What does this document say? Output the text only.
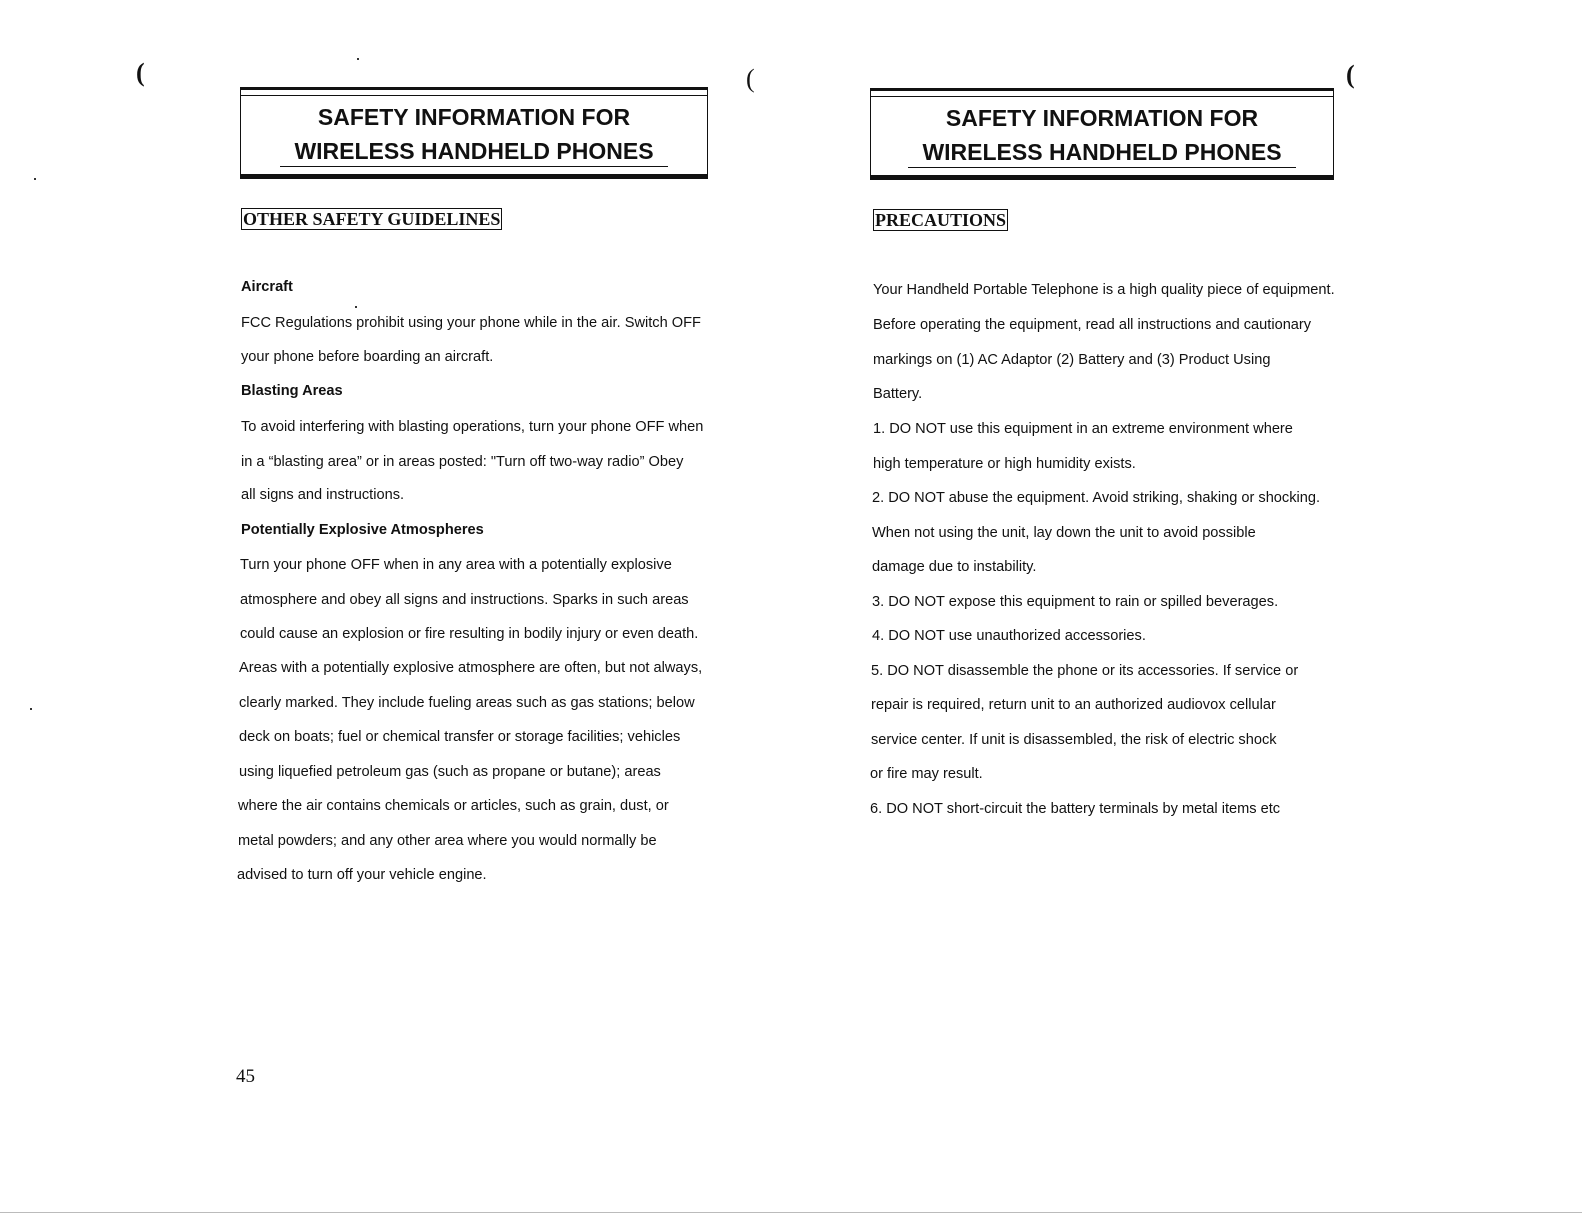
(	(	(
SAFETY INFORMATION FOR
WIRELESS HANDHELD PHONES
OTHER SAFETY GUIDELINES
Aircraft
FCC Regulations prohibit using your phone while in the air. Switch OFF
your phone before boarding an aircraft.
Blasting Areas
To avoid interfering with blasting operations, turn your phone OFF when
in a “blasting area” or in areas posted: "Turn off two-way radio” Obey
all signs and instructions.
Potentially Explosive Atmospheres
Turn your phone OFF when in any area with a potentially explosive
atmosphere and obey all signs and instructions. Sparks in such areas
could cause an explosion or fire resulting in bodily injury or even death.
Areas with a potentially explosive atmosphere are often, but not always,
clearly marked. They include fueling areas such as gas stations; below
deck on boats; fuel or chemical transfer or storage facilities; vehicles
using liquefied petroleum gas (such as propane or butane); areas
where the air contains chemicals or articles, such as grain, dust, or
metal powders; and any other area where you would normally be
advised to turn off your vehicle engine.
45
SAFETY INFORMATION FOR
WIRELESS HANDHELD PHONES
PRECAUTIONS
Your Handheld Portable Telephone is a high quality piece of equipment.
Before operating the equipment, read all instructions and cautionary
markings on (1) AC Adaptor (2) Battery and (3) Product Using
Battery.
1. DO NOT use this equipment in an extreme environment where
high temperature or high humidity exists.
2. DO NOT abuse the equipment. Avoid striking, shaking or shocking.
When not using the unit, lay down the unit to avoid possible
damage due to instability.
3. DO NOT expose this equipment to rain or spilled beverages.
4. DO NOT use unauthorized accessories.
5. DO NOT disassemble the phone or its accessories. If service or
repair is required, return unit to an authorized audiovox cellular
service center. If unit is disassembled, the risk of electric shock
or fire may result.
6. DO NOT short-circuit the battery terminals by metal items etc
